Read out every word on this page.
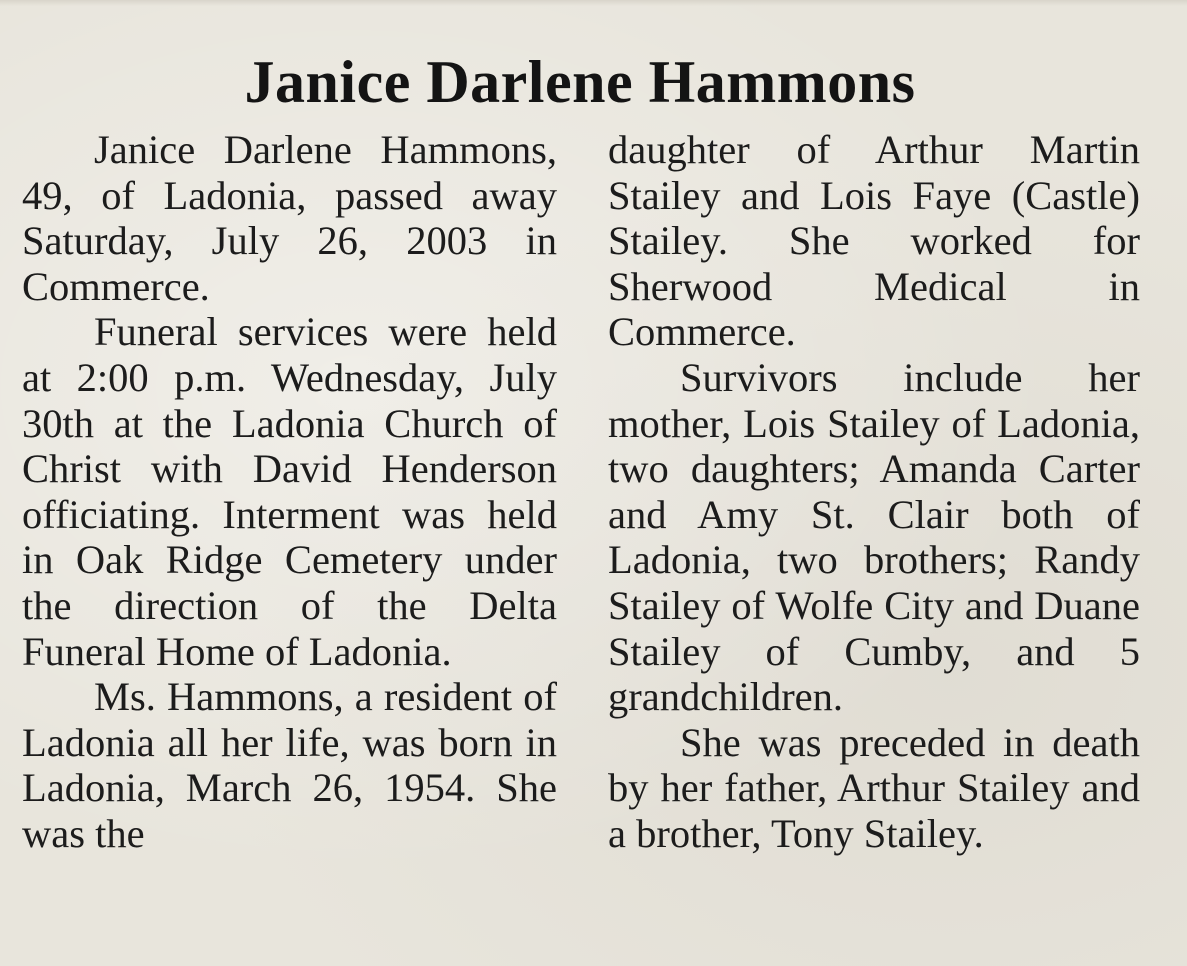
Janice Darlene Hammons

Janice Darlene Hammons, 49, of Ladonia, passed away Saturday, July 26, 2003 in Commerce.

Funeral services were held at 2:00 p.m. Wednesday, July 30th at the Ladonia Church of Christ with David Henderson officiating. Interment was held in Oak Ridge Cemetery under the direction of the Delta Funeral Home of Ladonia.

Ms. Hammons, a resident of Ladonia all her life, was born in Ladonia, March 26, 1954. She was the

daughter of Arthur Martin Stailey and Lois Faye (Castle) Stailey. She worked for Sherwood Medical in Commerce.

Survivors include her mother, Lois Stailey of Ladonia, two daughters; Amanda Carter and Amy St. Clair both of Ladonia, two brothers; Randy Stailey of Wolfe City and Duane Stailey of Cumby, and 5 grandchildren.

She was preceded in death by her father, Arthur Stailey and a brother, Tony Stailey.
